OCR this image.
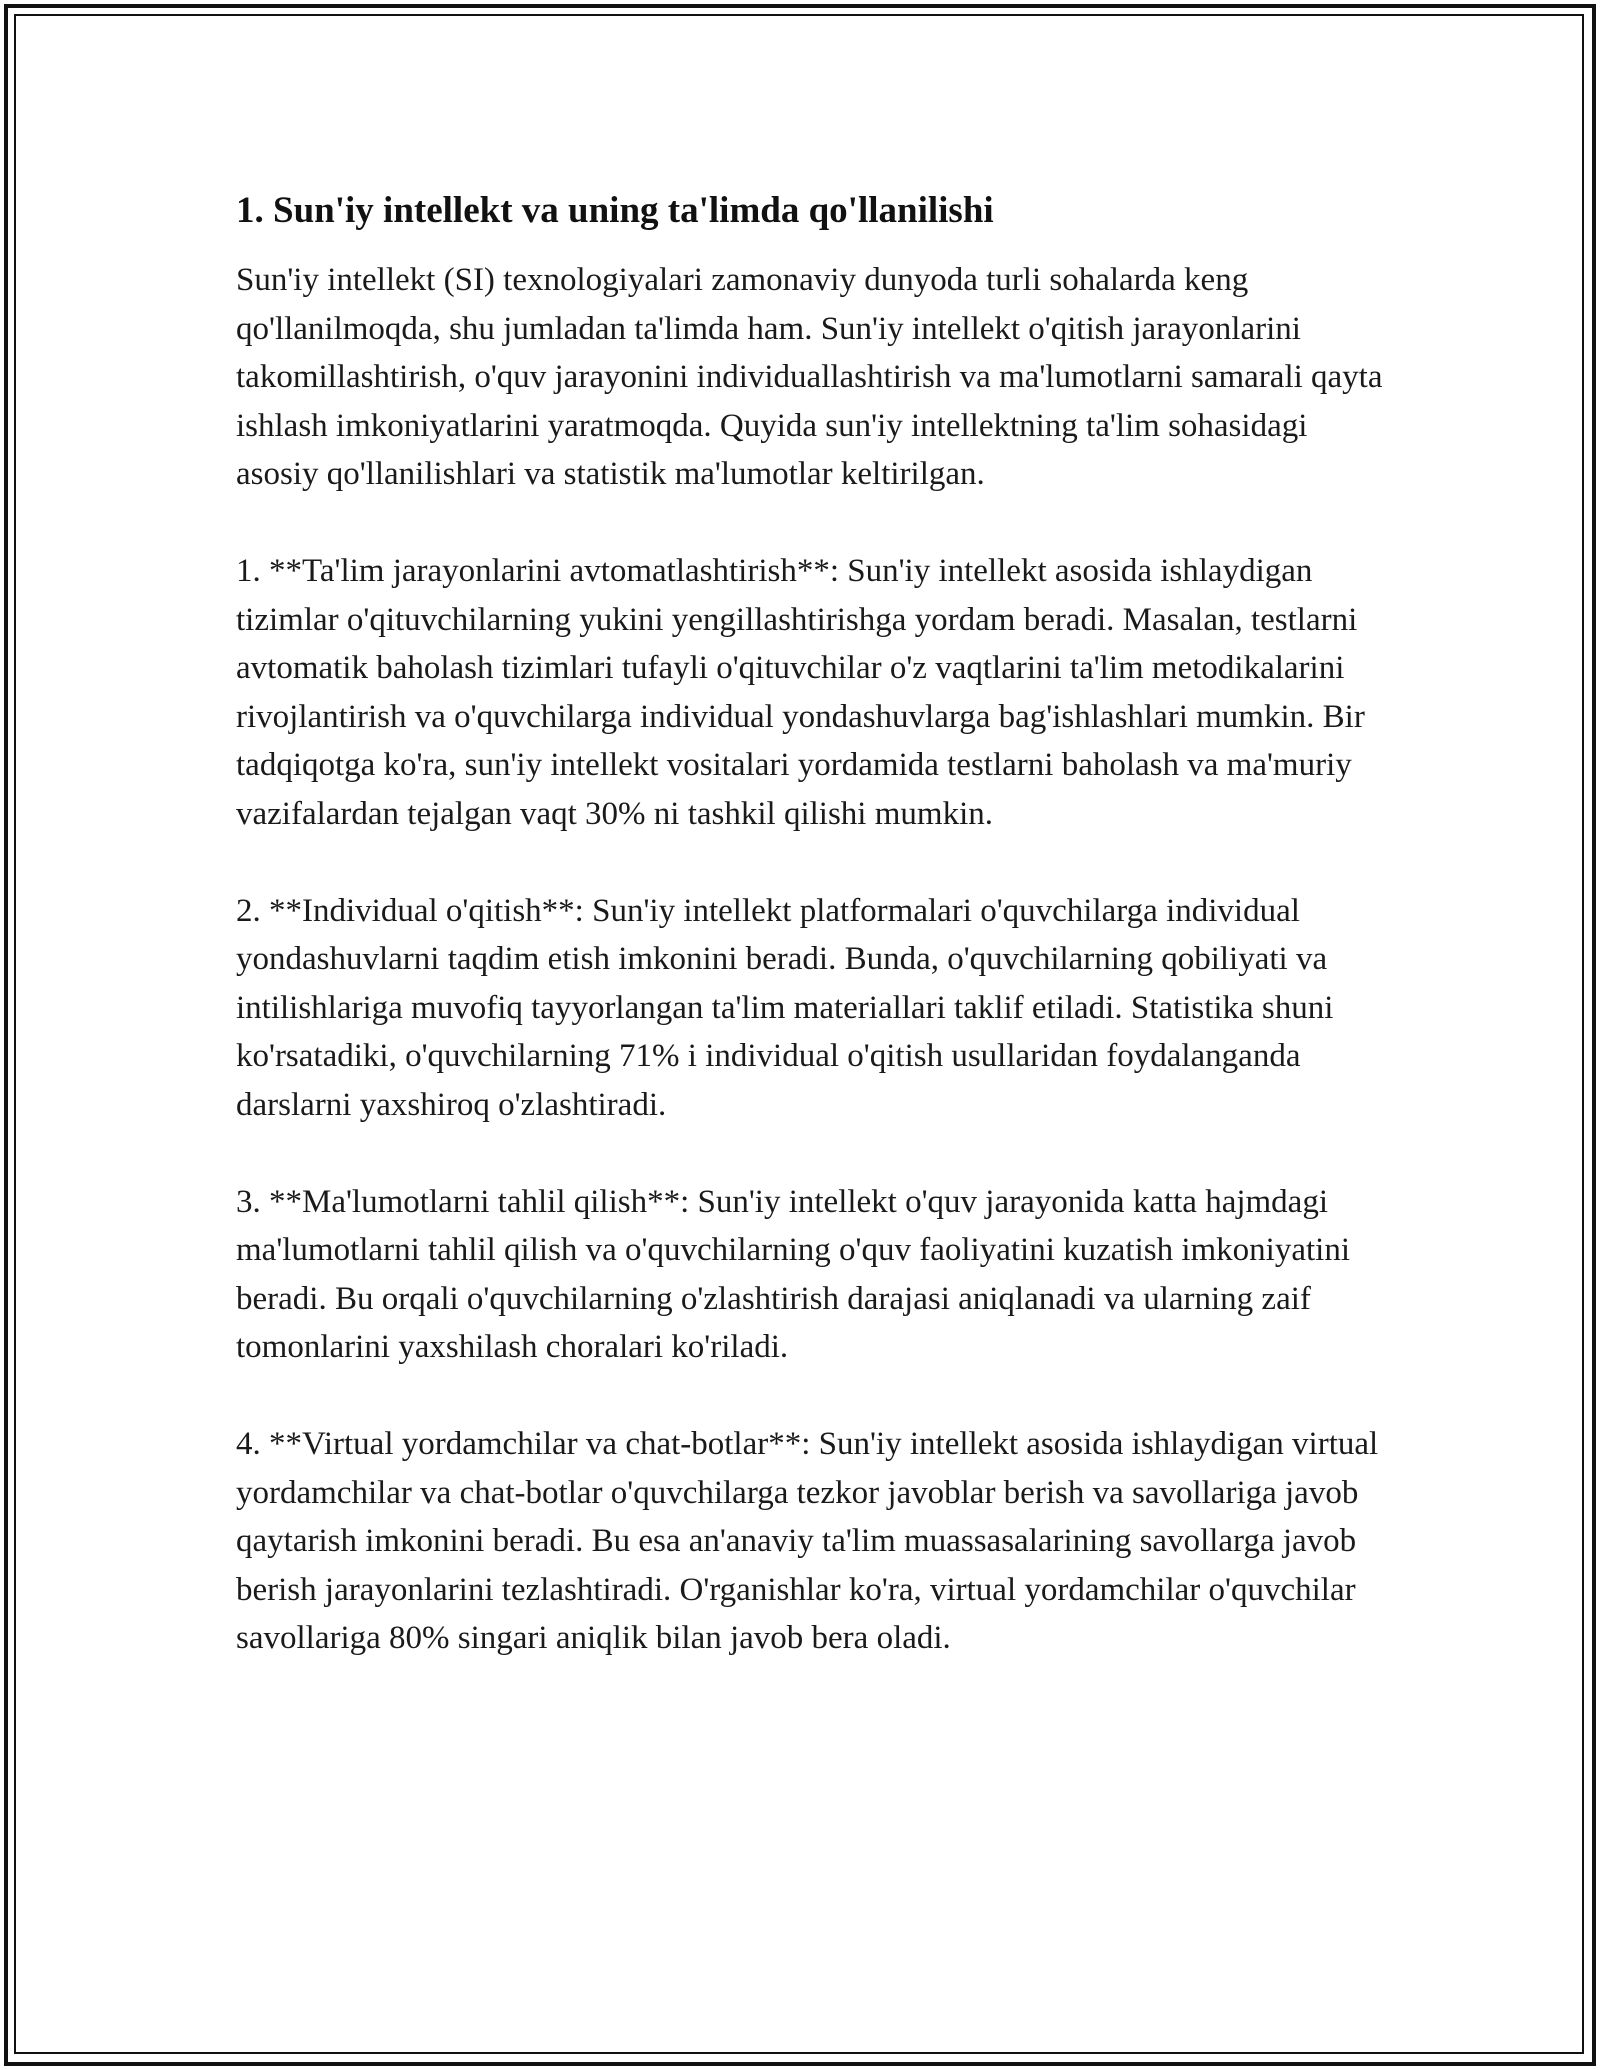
1. Sun'iy intellekt va uning ta'limda qo'llanilishi

Sun'iy intellekt (SI) texnologiyalari zamonaviy dunyoda turli sohalarda keng qo'llanilmoqda, shu jumladan ta'limda ham. Sun'iy intellekt o'qitish jarayonlarini takomillashtirish, o'quv jarayonini individuallashtirish va ma'lumotlarni samarali qayta ishlash imkoniyatlarini yaratmoqda. Quyida sun'iy intellektning ta'lim sohasidagi asosiy qo'llanilishlari va statistik ma'lumotlar keltirilgan.

1. **Ta'lim jarayonlarini avtomatlashtirish**: Sun'iy intellekt asosida ishlaydigan tizimlar o'qituvchilarning yukini yengillashtirishga yordam beradi. Masalan, testlarni avtomatik baholash tizimlari tufayli o'qituvchilar o'z vaqtlarini ta'lim metodikalarini rivojlantirish va o'quvchilarga individual yondashuvlarga bag'ishlashlari mumkin. Bir tadqiqotga ko'ra, sun'iy intellekt vositalari yordamida testlarni baholash va ma'muriy vazifalardan tejalgan vaqt 30% ni tashkil qilishi mumkin.

2. **Individual o'qitish**: Sun'iy intellekt platformalari o'quvchilarga individual yondashuvlarni taqdim etish imkonini beradi. Bunda, o'quvchilarning qobiliyati va intilishlariga muvofiq tayyorlangan ta'lim materiallari taklif etiladi. Statistika shuni ko'rsatadiki, o'quvchilarning 71% i individual o'qitish usullaridan foydalanganda darslarni yaxshiroq o'zlashtiradi.

3. **Ma'lumotlarni tahlil qilish**: Sun'iy intellekt o'quv jarayonida katta hajmdagi ma'lumotlarni tahlil qilish va o'quvchilarning o'quv faoliyatini kuzatish imkoniyatini beradi. Bu orqali o'quvchilarning o'zlashtirish darajasi aniqlanadi va ularning zaif tomonlarini yaxshilash choralari ko'riladi.

4. **Virtual yordamchilar va chat-botlar**: Sun'iy intellekt asosida ishlaydigan virtual yordamchilar va chat-botlar o'quvchilarga tezkor javoblar berish va savollariga javob qaytarish imkonini beradi. Bu esa an'anaviy ta'lim muassasalarining savollarga javob berish jarayonlarini tezlashtiradi. O'rganishlar ko'ra, virtual yordamchilar o'quvchilar savollariga 80% singari aniqlik bilan javob bera oladi.
